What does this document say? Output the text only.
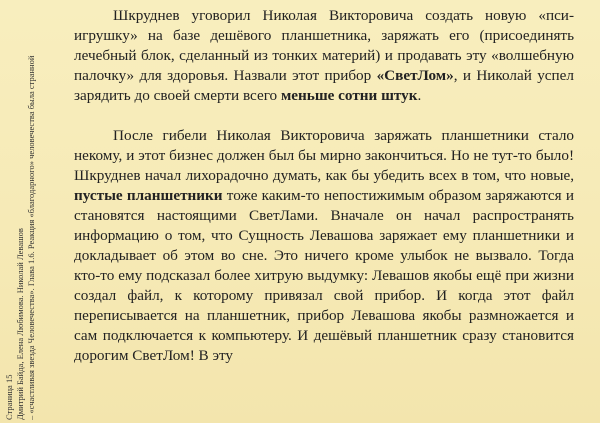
Страница 15 Дмитрий Байда, Елена Любимова. Николай Левашов – «счастливая звезда Человечества». Глава 1.6. Реакция «благодарного» человечества была странной

Шкруднев уговорил Николая Викторовича создать новую «пси-игрушку» на базе дешёвого планшетника, заряжать его (присоединять лечебный блок, сделанный из тонких материй) и продавать эту «волшебную палочку» для здоровья. Назвали этот прибор «СветЛом», и Николай успел зарядить до своей смерти всего меньше сотни штук.

После гибели Николая Викторовича заряжать планшетники стало некому, и этот бизнес должен был бы мирно закончиться. Но не тут-то было! Шкруднев начал лихорадочно думать, как бы убедить всех в том, что новые, пустые планшетники тоже каким-то непостижимым образом заряжаются и становятся настоящими СветЛами. Вначале он начал распространять информацию о том, что Сущность Левашова заряжает ему планшетники и докладывает об этом во сне. Это ничего кроме улыбок не вызвало. Тогда кто-то ему подсказал более хитрую выдумку: Левашов якобы ещё при жизни создал файл, к которому привязал свой прибор. И когда этот файл переписывается на планшетник, прибор Левашова якобы размножается и сам подключается к компьютеру. И дешёвый планшетник сразу становится дорогим СветЛом! В эту
